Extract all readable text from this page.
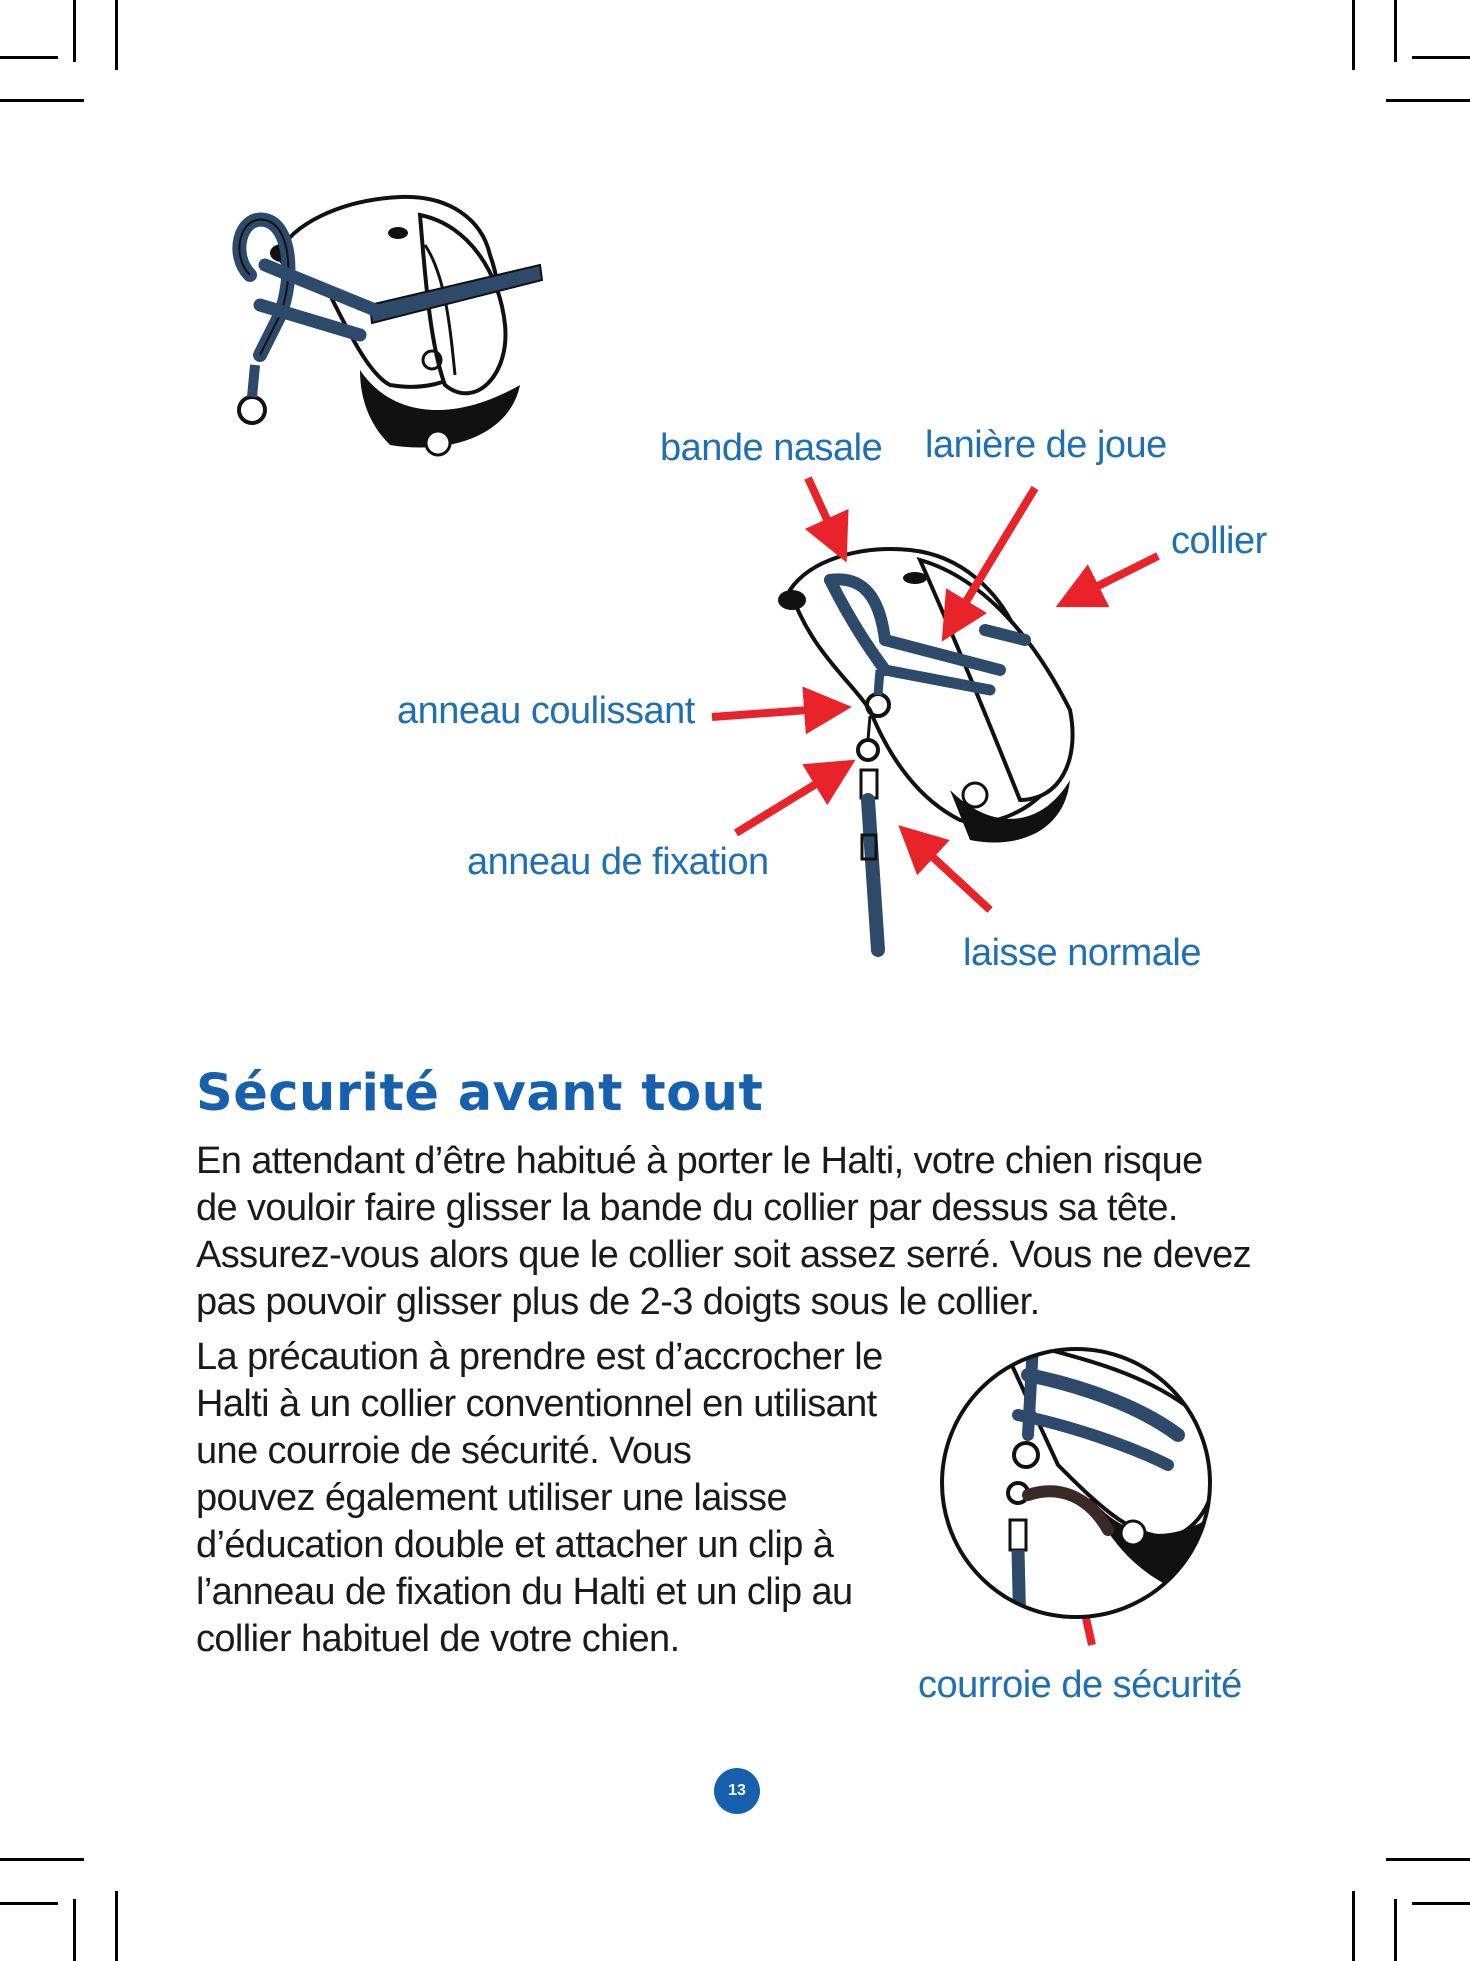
bande nasale lanière de joue
collier
anneau coulissant
anneau de fixation
laisse normale
Sécurité avant tout

En attendant d’être habitué à porter le Halti, votre chien risque
de vouloir faire glisser la bande du collier par dessus sa tête.
Assurez-vous alors que le collier soit assez serré. Vous ne devez
pas pouvoir glisser plus de 2-3 doigts sous le collier.

La précaution à prendre est d’accrocher le
Halti à un collier conventionnel en utilisant
une courroie de sécurité. Vous
pouvez également utiliser une laisse
d’éducation double et attacher un clip à
l’anneau de fixation du Halti et un clip au
collier habituel de votre chien.

courroie de sécurité
13
